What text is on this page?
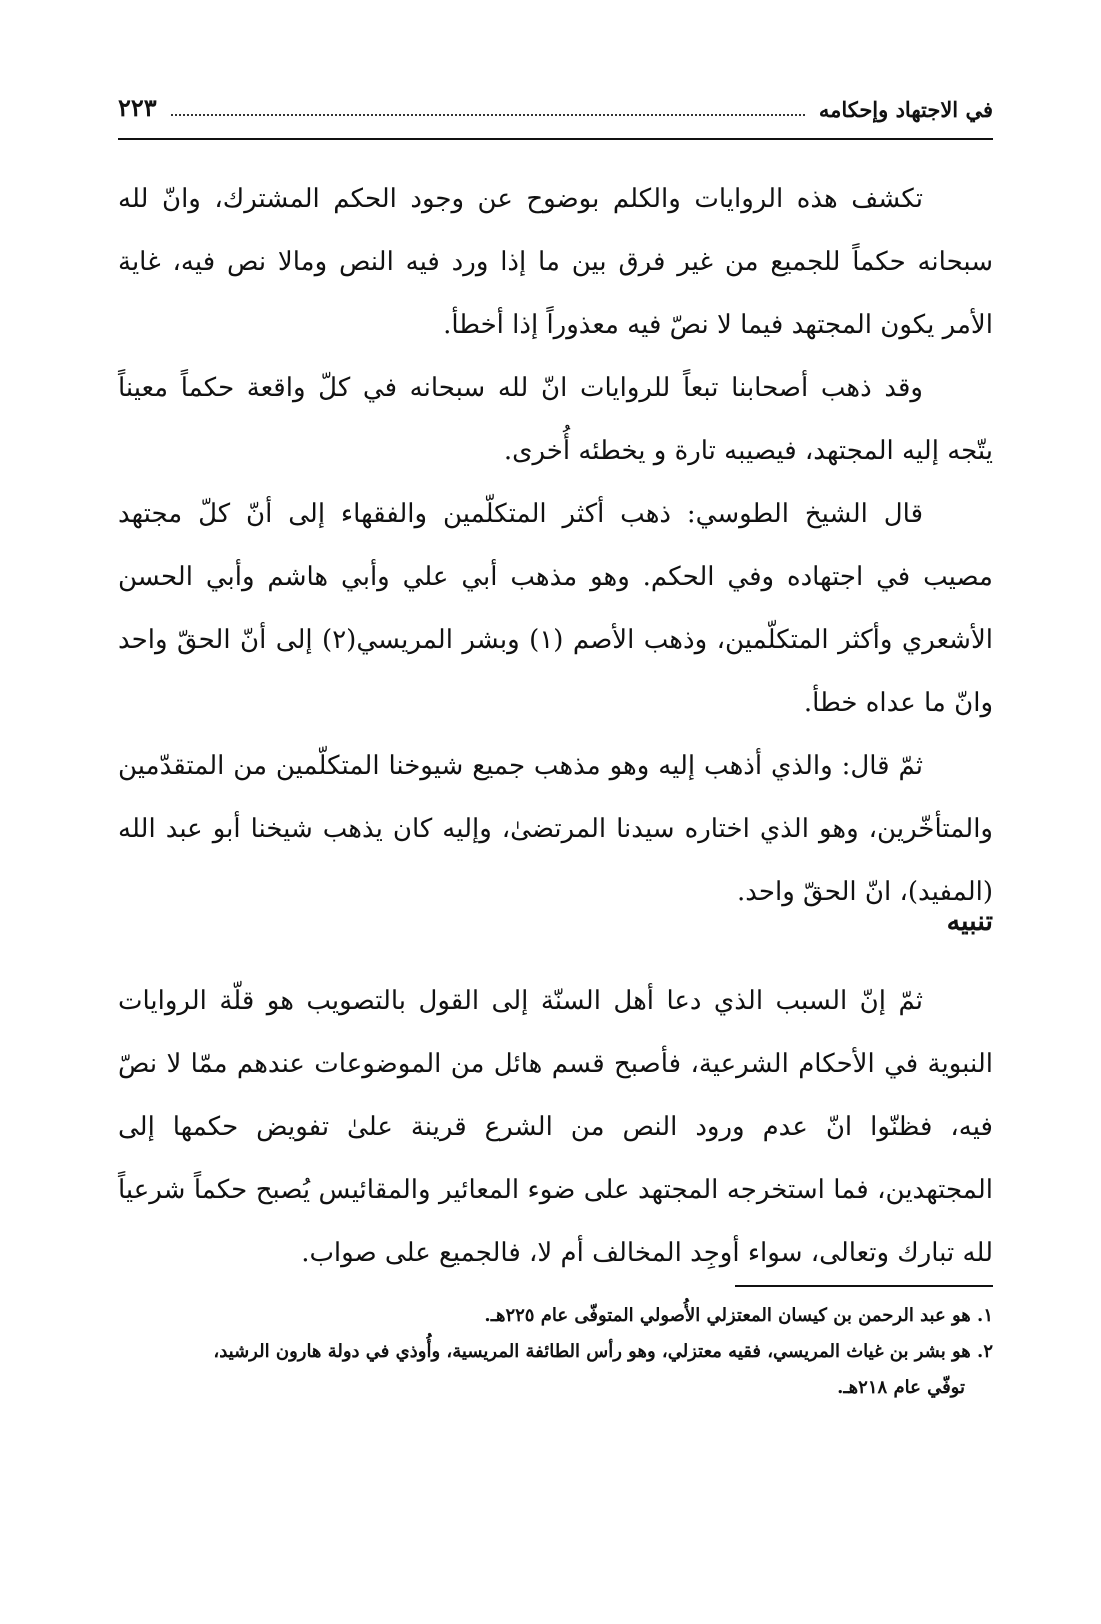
في الاجتهاد وإحكامه
٢٢٣

تكشف هذه الروايات والكلم بوضوح عن وجود الحكم المشترك، وانّ لله سبحانه حكماً للجميع من غير فرق بين ما إذا ورد فيه النص ومالا نص فيه، غاية الأمر يكون المجتهد فيما لا نصّ فيه معذوراً إذا أخطأ.

وقد ذهب أصحابنا تبعاً للروايات انّ لله سبحانه في كلّ واقعة حكماً معيناً يتّجه إليه المجتهد، فيصيبه تارة و يخطئه أُخرى.

قال الشيخ الطوسي: ذهب أكثر المتكلّمين والفقهاء إلى أنّ كلّ مجتهد مصيب في اجتهاده وفي الحكم. وهو مذهب أبي علي وأبي هاشم وأبي الحسن الأشعري وأكثر المتكلّمين، وذهب الأصم (١) وبشر المريسي(٢) إلى أنّ الحقّ واحد وانّ ما عداه خطأ.

ثمّ قال: والذي أذهب إليه وهو مذهب جميع شيوخنا المتكلّمين من المتقدّمين والمتأخّرين، وهو الذي اختاره سيدنا المرتضىٰ، وإليه كان يذهب شيخنا أبو عبد الله (المفيد)، انّ الحقّ واحد.

تنبيه

ثمّ إنّ السبب الذي دعا أهل السنّة إلى القول بالتصويب هو قلّة الروايات النبوية في الأحكام الشرعية، فأصبح قسم هائل من الموضوعات عندهم ممّا لا نصّ فيه، فظنّوا انّ عدم ورود النص من الشرع قرينة علىٰ تفويض حكمها إلى المجتهدين، فما استخرجه المجتهد على ضوء المعائير والمقائيس يُصبح حكماً شرعياً لله تبارك وتعالى، سواء أوجِد المخالف أم لا، فالجميع على صواب.

١. هو عبد الرحمن بن كيسان المعتزلي الأُصولي المتوفّى عام ٢٢٥هـ.

٢. هو بشر بن غياث المريسي، فقيه معتزلي، وهو رأس الطائفة المريسية، وأُوذي في دولة هارون الرشيد،

توفّي عام ٢١٨هـ.
